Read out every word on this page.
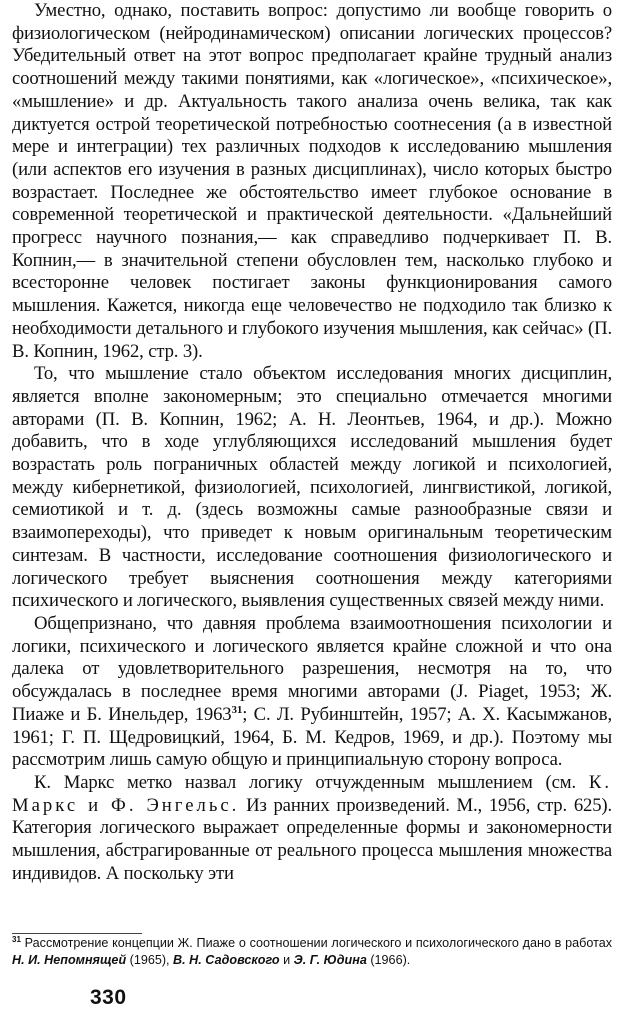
Уместно, однако, поставить вопрос: допустимо ли вообще говорить о физиологическом (нейродинамическом) описании логических процессов? Убедительный ответ на этот вопрос предполагает крайне трудный анализ соотношений между такими понятиями, как «логическое», «психическое», «мышление» и др. Актуальность такого анализа очень велика, так как диктуется острой теоретической потребностью соотнесения (а в известной мере и интеграции) тех различных подходов к исследованию мышления (или аспектов его изучения в разных дисциплинах), число которых быстро возрастает. Последнее же обстоятельство имеет глубокое основание в современной теоретической и практической деятельности. «Дальнейший прогресс научного познания,— как справедливо подчеркивает П. В. Копнин,— в значительной степени обусловлен тем, насколько глубоко и всесторонне человек постигает законы функционирования самого мышления. Кажется, никогда еще человечество не подходило так близко к необходимости детального и глубокого изучения мышления, как сейчас» (П. В. Копнин, 1962, стр. 3).

То, что мышление стало объектом исследования многих дисциплин, является вполне закономерным; это специально отмечается многими авторами (П. В. Копнин, 1962; А. Н. Леонтьев, 1964, и др.). Можно добавить, что в ходе углубляющихся исследований мышления будет возрастать роль пограничных областей между логикой и психологией, между кибернетикой, физиологией, психологией, лингвистикой, логикой, семиотикой и т. д. (здесь возможны самые разнообразные связи и взаимопереходы), что приведет к новым оригинальным теоретическим синтезам. В частности, исследование соотношения физиологического и логического требует выяснения соотношения между категориями психического и логического, выявления существенных связей между ними.

Общепризнано, что давняя проблема взаимоотношения психологии и логики, психического и логического является крайне сложной и что она далека от удовлетворительного разрешения, несмотря на то, что обсуждалась в последнее время многими авторами (J. Piaget, 1953; Ж. Пиаже и Б. Инельдер, 1963$^{31}$; С. Л. Рубинштейн, 1957; А. Х. Касымжанов, 1961; Г. П. Щедровицкий, 1964, Б. М. Кедров, 1969, и др.). Поэтому мы рассмотрим лишь самую общую и принципиальную сторону вопроса.

К. Маркс метко назвал логику отчужденным мышлением (см. К. Маркс и Ф. Энгельс. Из ранних произведений. М., 1956, стр. 625). Категория логического выражает определенные формы и закономерности мышления, абстрагированные от реального процесса мышления множества индивидов. А поскольку эти

$^{31}$ Рассмотрение концепции Ж. Пиаже о соотношении логического и психологического дано в работах Н. И. Непомнящей (1965), В. Н. Садовского и Э. Г. Юдина (1966).

330
